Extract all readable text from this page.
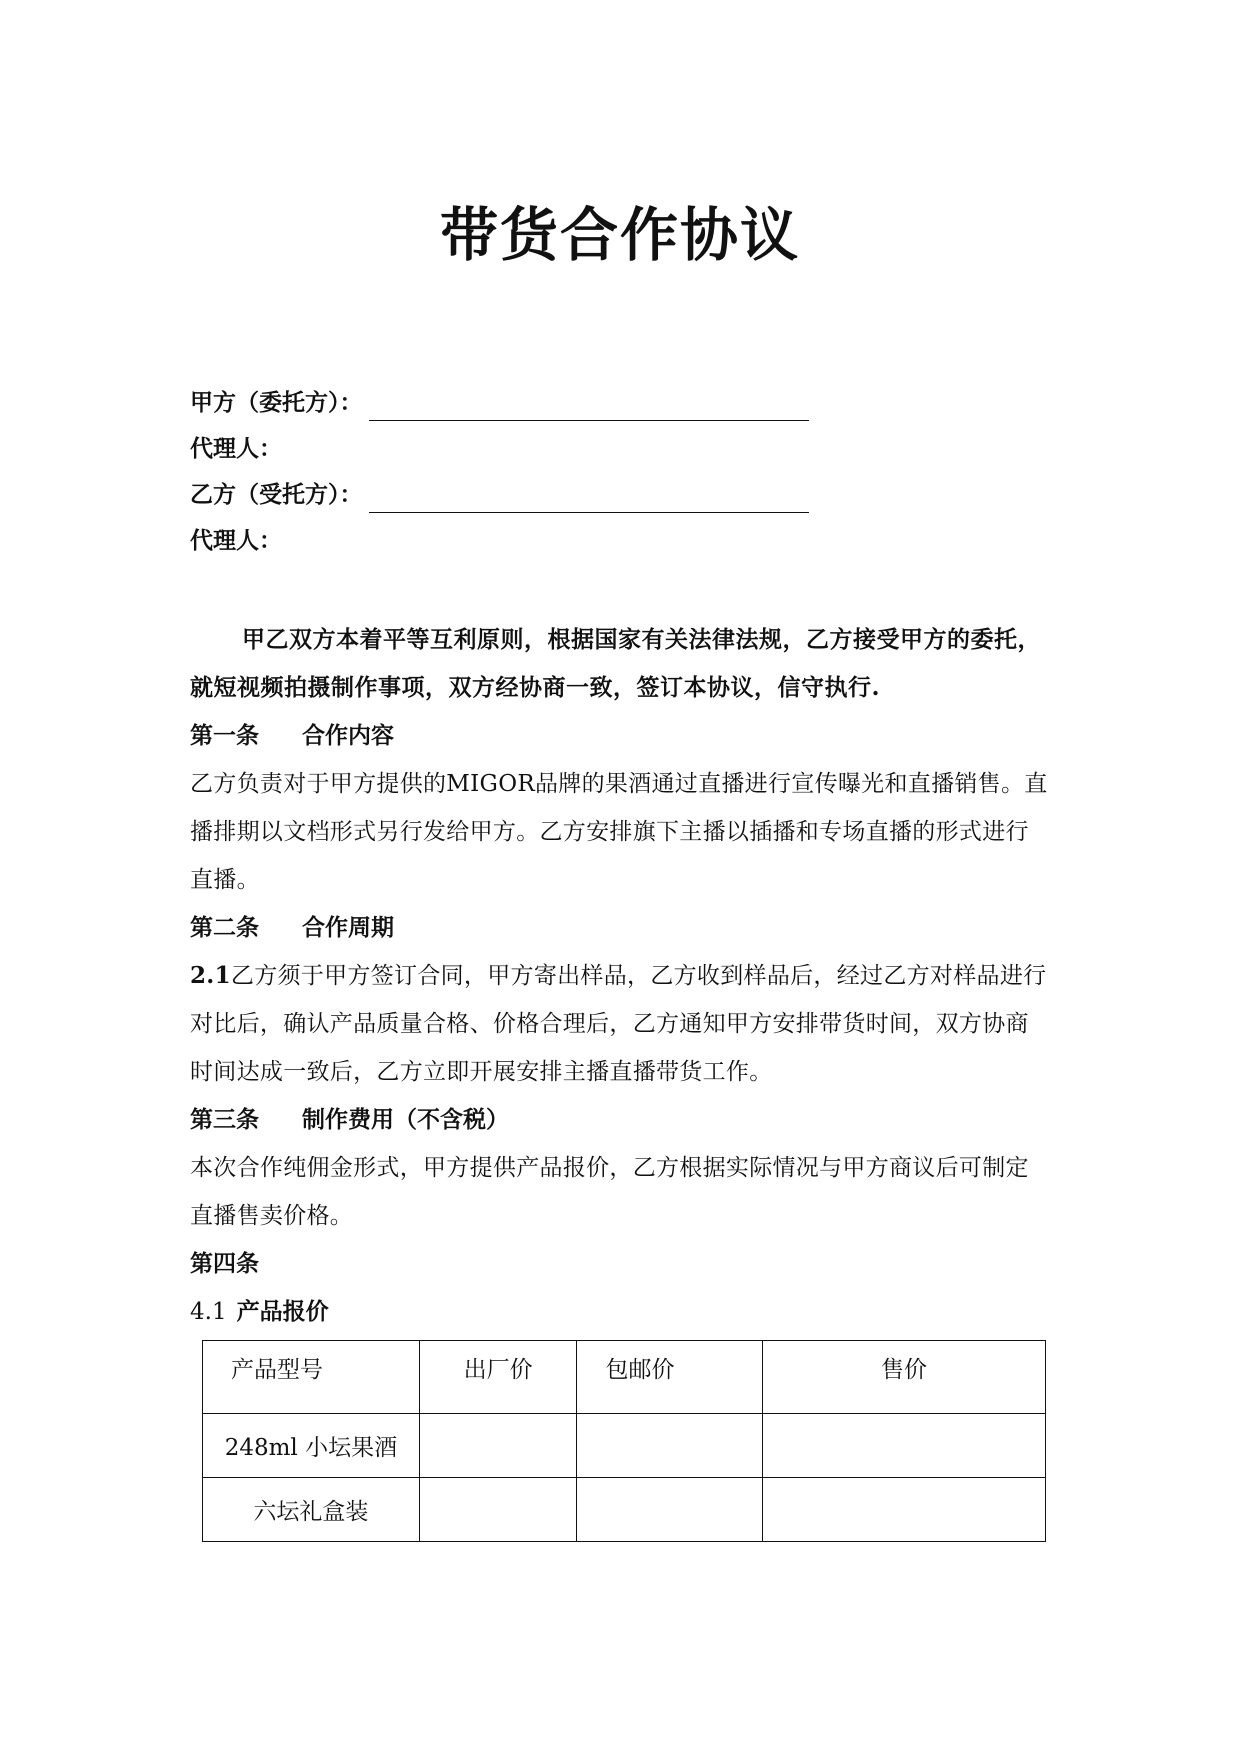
带货合作协议
甲方（委托方）：
代理人：
乙方（受托方）：
代理人：
甲乙双方本着平等互利原则，根据国家有关法律法规，乙方接受甲方的委托，就短视频拍摄制作事项，双方经协商一致，签订本协议，信守执行.
第一条 合作内容
乙方负责对于甲方提供的MIGOR品牌的果酒通过直播进行宣传曝光和直播销售。直播排期以文档形式另行发给甲方。乙方安排旗下主播以插播和专场直播的形式进行直播。
第二条 合作周期
2.1乙方须于甲方签订合同，甲方寄出样品，乙方收到样品后，经过乙方对样品进行对比后，确认产品质量合格、价格合理后，乙方通知甲方安排带货时间，双方协商时间达成一致后，乙方立即开展安排主播直播带货工作。
第三条 制作费用（不含税）
本次合作纯佣金形式，甲方提供产品报价，乙方根据实际情况与甲方商议后可制定直播售卖价格。
第四条
4.1 产品报价
产品型号	出厂价	包邮价	售价
248ml 小坛果酒			
六坛礼盒装			
